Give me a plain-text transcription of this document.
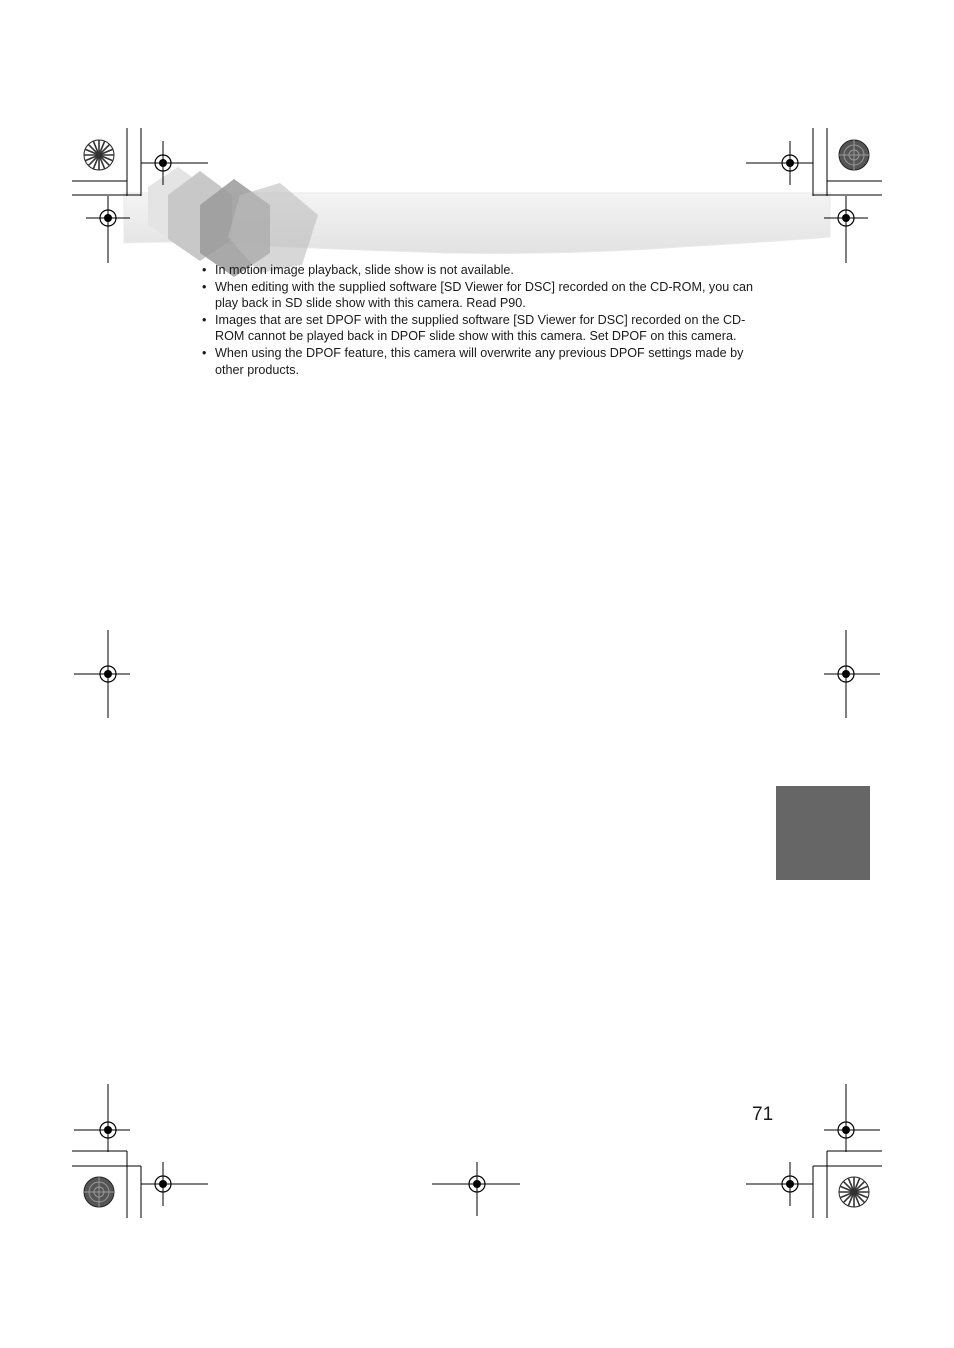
• In motion image playback, slide show is not available.
• When editing with the supplied software [SD Viewer for DSC] recorded on the CD-ROM, you can play back in SD slide show with this camera. Read P90.
• Images that are set DPOF with the supplied software [SD Viewer for DSC] recorded on the CD-ROM cannot be played back in DPOF slide show with this camera. Set DPOF on this camera.
• When using the DPOF feature, this camera will overwrite any previous DPOF settings made by other products.
71
